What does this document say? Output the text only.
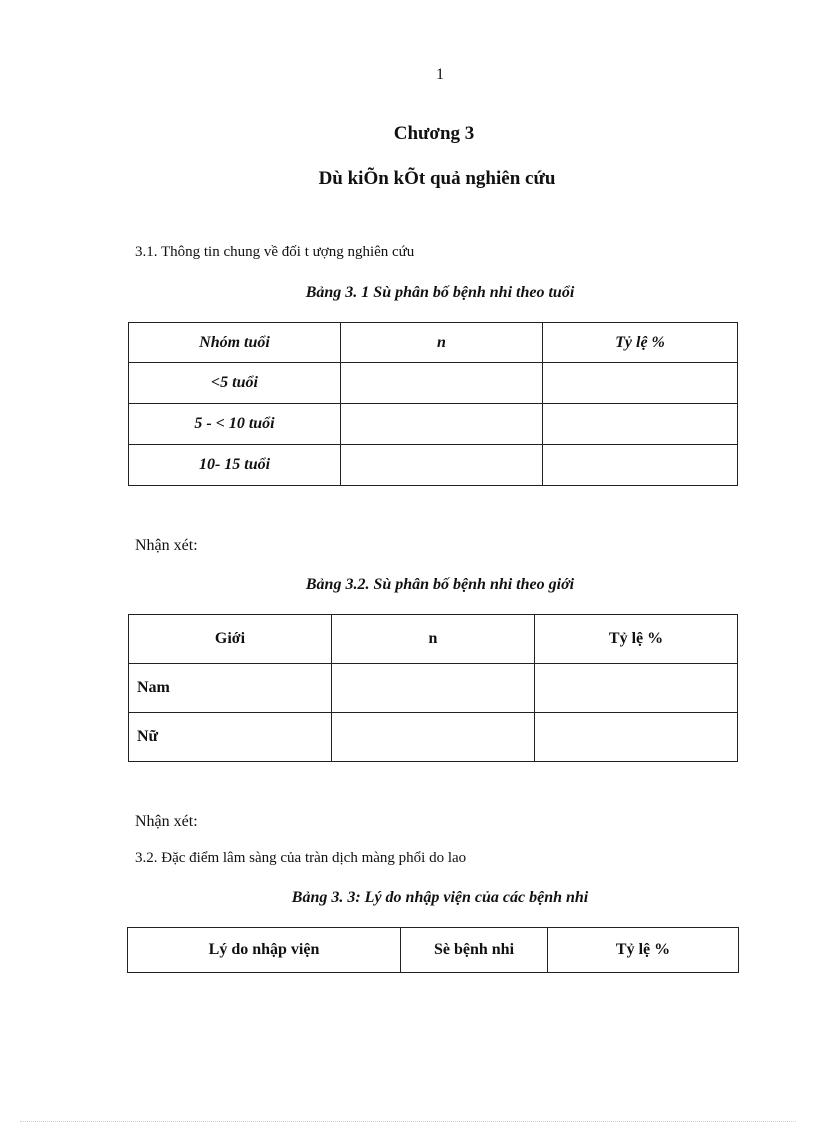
1
Chương 3
Dù kiÕn kÕt quả nghiên cứu
3.1. Thông tin chung về đối t ượng nghiên cứu
Bảng 3. 1 Sù phân bố bệnh nhi theo tuổi
Nhóm tuổi	n	Tỷ lệ %
<5 tuổi		
5 - < 10 tuổi		
10- 15 tuổi		
Nhận xét:
Bảng 3.2. Sù phân bố bệnh nhi theo giới
Giới	n	Tỷ lệ %
Nam		
Nữ		
Nhận xét:
3.2. Đặc điểm lâm sàng của tràn dịch màng phổi do lao
Bảng 3. 3: Lý do nhập viện của các bệnh nhi
Lý do nhập viện	Sè bệnh nhi	Tỷ lệ %
